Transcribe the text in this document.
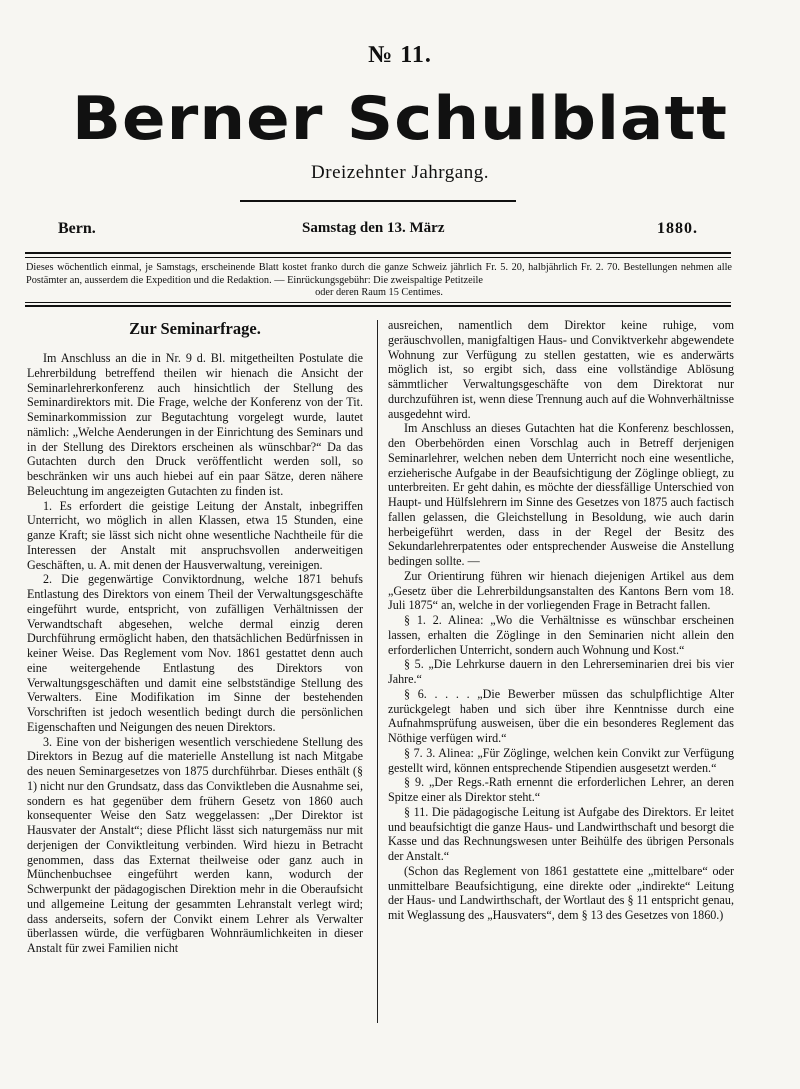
№ 11.
Berner Schulblatt
Dreizehnter Jahrgang.
Bern.	Samstag den 13. März	1880.
Dieses wöchentlich einmal, je Samstags, erscheinende Blatt kostet franko durch die ganze Schweiz jährlich Fr. 5. 20, halbjährlich Fr. 2. 70. Bestellungen nehmen alle Postämter an, ausserdem die Expedition und die Redaktion. — Einrückungsgebühr: Die zweispaltige Petitzeile
oder deren Raum 15 Centimes.
Zur Seminarfrage.

Im Anschluss an die in Nr. 9 d. Bl. mitgetheilten Postulate die Lehrerbildung betreffend theilen wir hienach die Ansicht der Seminarlehrerkonferenz auch hinsichtlich der Stellung des Seminardirektors mit. Die Frage, welche der Konferenz von der Tit. Seminarkommission zur Begutachtung vorgelegt wurde, lautet nämlich: „Welche Aenderungen in der Einrichtung des Seminars und in der Stellung des Direktors erscheinen als wünschbar?“ Da das Gutachten durch den Druck veröffentlicht werden soll, so beschränken wir uns auch hiebei auf ein paar Sätze, deren nähere Beleuchtung im angezeigten Gutachten zu finden ist.

1. Es erfordert die geistige Leitung der Anstalt, inbegriffen Unterricht, wo möglich in allen Klassen, etwa 15 Stunden, eine ganze Kraft; sie lässt sich nicht ohne wesentliche Nachtheile für die Interessen der Anstalt mit anspruchsvollen anderweitigen Geschäften, u. A. mit denen der Hausverwaltung, vereinigen.

2. Die gegenwärtige Conviktordnung, welche 1871 behufs Entlastung des Direktors von einem Theil der Verwaltungsgeschäfte eingeführt wurde, entspricht, von zufälligen Verhältnissen der Verwandtschaft abgesehen, welche dermal einzig deren Durchführung ermöglicht haben, den thatsächlichen Bedürfnissen in keiner Weise. Das Reglement vom Nov. 1861 gestattet denn auch eine weitergehende Entlastung des Direktors von Verwaltungsgeschäften und damit eine selbstständige Stellung des Verwalters. Eine Modifikation im Sinne der bestehenden Vorschriften ist jedoch wesentlich bedingt durch die persönlichen Eigenschaften und Neigungen des neuen Direktors.

3. Eine von der bisherigen wesentlich verschiedene Stellung des Direktors in Bezug auf die materielle Anstellung ist nach Mitgabe des neuen Seminargesetzes von 1875 durchführbar. Dieses enthält (§ 1) nicht nur den Grundsatz, dass das Conviktleben die Ausnahme sei, sondern es hat gegenüber dem frühern Gesetz von 1860 auch konsequenter Weise den Satz weggelassen: „Der Direktor ist Hausvater der Anstalt“; diese Pflicht lässt sich naturgemäss nur mit derjenigen der Conviktleitung verbinden. Wird hiezu in Betracht genommen, dass das Externat theilweise oder ganz auch in Münchenbuchsee eingeführt werden kann, wodurch der Schwerpunkt der pädagogischen Direktion mehr in die Oberaufsicht und allgemeine Leitung der gesammten Lehranstalt verlegt wird; dass anderseits, sofern der Convikt einem Lehrer als Verwalter überlassen würde, die verfügbaren Wohnräumlichkeiten in dieser Anstalt für zwei Familien nicht

ausreichen, namentlich dem Direktor keine ruhige, vom geräuschvollen, manigfaltigen Haus- und Conviktverkehr abgewendete Wohnung zur Verfügung zu stellen gestatten, wie es anderwärts möglich ist, so ergibt sich, dass eine vollständige Ablösung sämmtlicher Verwaltungsgeschäfte von dem Direktorat nur durchzuführen ist, wenn diese Trennung auch auf die Wohnverhältnisse ausgedehnt wird.

Im Anschluss an dieses Gutachten hat die Konferenz beschlossen, den Oberbehörden einen Vorschlag auch in Betreff derjenigen Seminarlehrer, welchen neben dem Unterricht noch eine wesentliche, erzieherische Aufgabe in der Beaufsichtigung der Zöglinge obliegt, zu unterbreiten. Er geht dahin, es möchte der diessfällige Unterschied von Haupt- und Hülfslehrern im Sinne des Gesetzes von 1875 auch factisch fallen gelassen, die Gleichstellung in Besoldung, wie auch darin herbeigeführt werden, dass in der Regel der Besitz des Sekundarlehrerpatentes oder entsprechender Ausweise die Anstellung bedingen sollte. —

Zur Orientirung führen wir hienach diejenigen Artikel aus dem „Gesetz über die Lehrerbildungsanstalten des Kantons Bern vom 18. Juli 1875“ an, welche in der vorliegenden Frage in Betracht fallen.

§ 1. 2. Alinea: „Wo die Verhältnisse es wünschbar erscheinen lassen, erhalten die Zöglinge in den Seminarien nicht allein den erforderlichen Unterricht, sondern auch Wohnung und Kost.“

§ 5. „Die Lehrkurse dauern in den Lehrerseminarien drei bis vier Jahre.“

§ 6. . . . . „Die Bewerber müssen das schulpflichtige Alter zurückgelegt haben und sich über ihre Kenntnisse durch eine Aufnahmsprüfung ausweisen, über die ein besonderes Reglement das Nöthige verfügen wird.“

§ 7. 3. Alinea: „Für Zöglinge, welchen kein Convikt zur Verfügung gestellt wird, können entsprechende Stipendien ausgesetzt werden.“

§ 9. „Der Regs.-Rath ernennt die erforderlichen Lehrer, an deren Spitze einer als Direktor steht.“

§ 11. Die pädagogische Leitung ist Aufgabe des Direktors. Er leitet und beaufsichtigt die ganze Haus- und Landwirthschaft und besorgt die Kasse und das Rechnungswesen unter Beihülfe des übrigen Personals der Anstalt.“

(Schon das Reglement von 1861 gestattete eine „mittelbare“ oder unmittelbare Beaufsichtigung, eine direkte oder „indirekte“ Leitung der Haus- und Landwirthschaft, der Wortlaut des § 11 entspricht genau, mit Weglassung des „Hausvaters“, dem § 13 des Gesetzes von 1860.)
